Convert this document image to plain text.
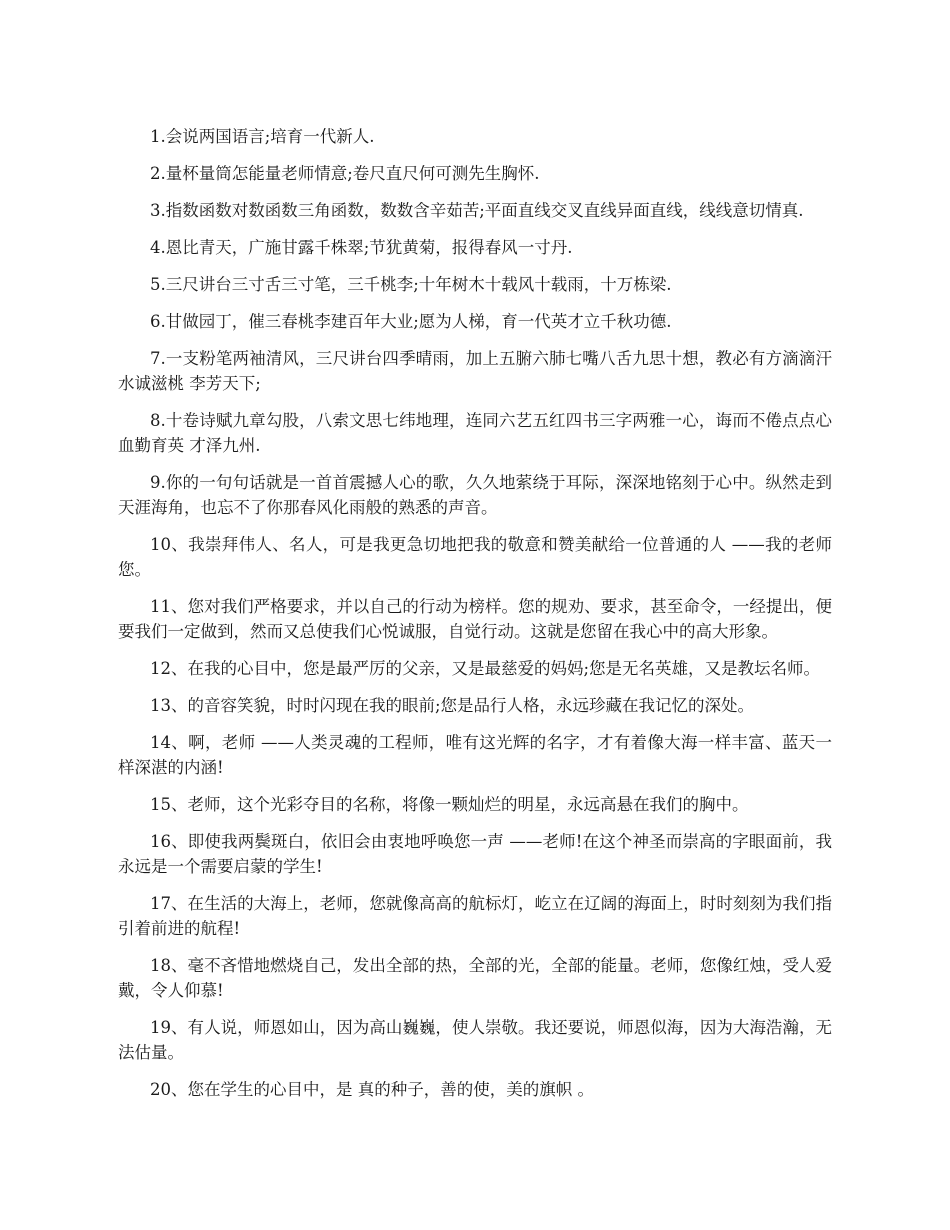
1.会说两国语言;培育一代新人.

2.量杯量筒怎能量老师情意;卷尺直尺何可测先生胸怀.

3.指数函数对数函数三角函数，数数含辛茹苦;平面直线交叉直线异面直线，线线意切情真.

4.恩比青天，广施甘露千株翠;节犹黄菊，报得春风一寸丹.

5.三尺讲台三寸舌三寸笔，三千桃李;十年树木十载风十载雨，十万栋梁.

6.甘做园丁，催三春桃李建百年大业;愿为人梯，育一代英才立千秋功德.

7.一支粉笔两袖清风，三尺讲台四季晴雨，加上五腑六肺七嘴八舌九思十想，教必有方滴滴汗水诚滋桃 李芳天下;

8.十卷诗赋九章勾股，八索文思七纬地理，连同六艺五红四书三字两雅一心，诲而不倦点点心血勤育英 才泽九州.

9.你的一句句话就是一首首震撼人心的歌，久久地萦绕于耳际，深深地铭刻于心中。纵然走到天涯海角，也忘不了你那春风化雨般的熟悉的声音。

10、我崇拜伟人、名人，可是我更急切地把我的敬意和赞美献给一位普通的人 ——我的老师您。

11、您对我们严格要求，并以自己的行动为榜样。您的规劝、要求，甚至命令，一经提出，便要我们一定做到，然而又总使我们心悦诚服，自觉行动。这就是您留在我心中的高大形象。

12、在我的心目中，您是最严厉的父亲，又是最慈爱的妈妈;您是无名英雄，又是教坛名师。

13、的音容笑貌，时时闪现在我的眼前;您是品行人格，永远珍藏在我记忆的深处。

14、啊，老师 ——人类灵魂的工程师，唯有这光辉的名字，才有着像大海一样丰富、蓝天一样深湛的内涵!

15、老师，这个光彩夺目的名称，将像一颗灿烂的明星，永远高悬在我们的胸中。

16、即使我两鬓斑白，依旧会由衷地呼唤您一声 ——老师!在这个神圣而崇高的字眼面前，我永远是一个需要启蒙的学生!

17、在生活的大海上，老师，您就像高高的航标灯，屹立在辽阔的海面上，时时刻刻为我们指引着前进的航程!

18、毫不吝惜地燃烧自己，发出全部的热，全部的光，全部的能量。老师，您像红烛，受人爱戴，令人仰慕!

19、有人说，师恩如山，因为高山巍巍，使人崇敬。我还要说，师恩似海，因为大海浩瀚，无法估量。

20、您在学生的心目中，是 真的种子，善的使，美的旗帜 。
